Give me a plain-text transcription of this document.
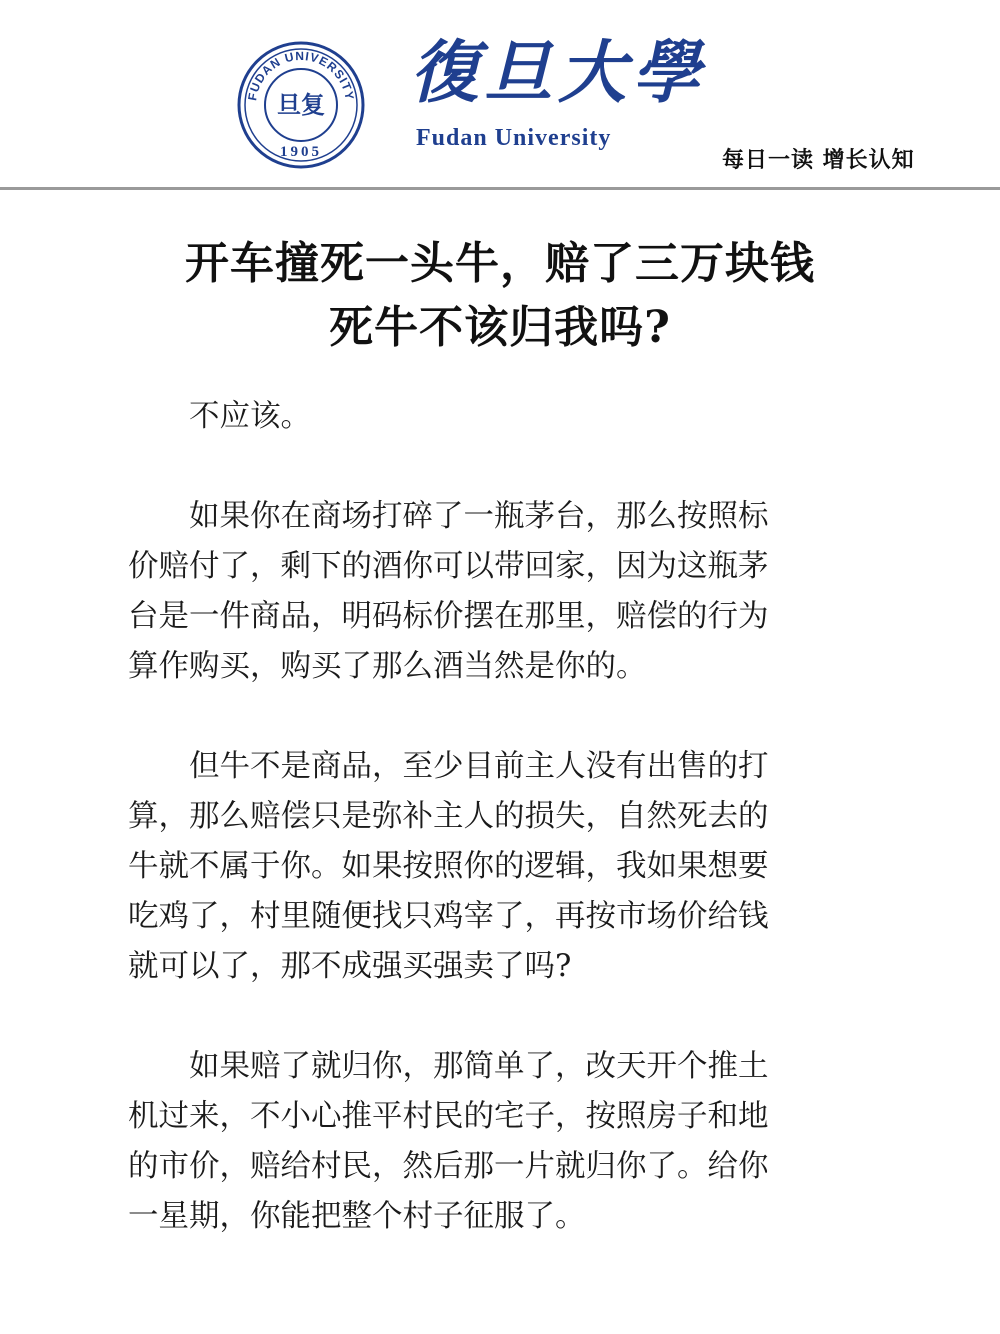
FUDAN UNIVERSITY
旦复
1905
復旦大學
Fudan University
每日一读 增长认知
开车撞死一头牛，赔了三万块钱
死牛不该归我吗?

不应该。

如果你在商场打碎了一瓶茅台，那么按照标
价赔付了，剩下的酒你可以带回家，因为这瓶茅
台是一件商品，明码标价摆在那里，赔偿的行为
算作购买，购买了那么酒当然是你的。

但牛不是商品，至少目前主人没有出售的打
算，那么赔偿只是弥补主人的损失，自然死去的
牛就不属于你。如果按照你的逻辑，我如果想要
吃鸡了，村里随便找只鸡宰了，再按市场价给钱
就可以了，那不成强买强卖了吗?

如果赔了就归你，那简单了，改天开个推土
机过来，不小心推平村民的宅子，按照房子和地
的市价，赔给村民，然后那一片就归你了。给你
一星期，你能把整个村子征服了。
